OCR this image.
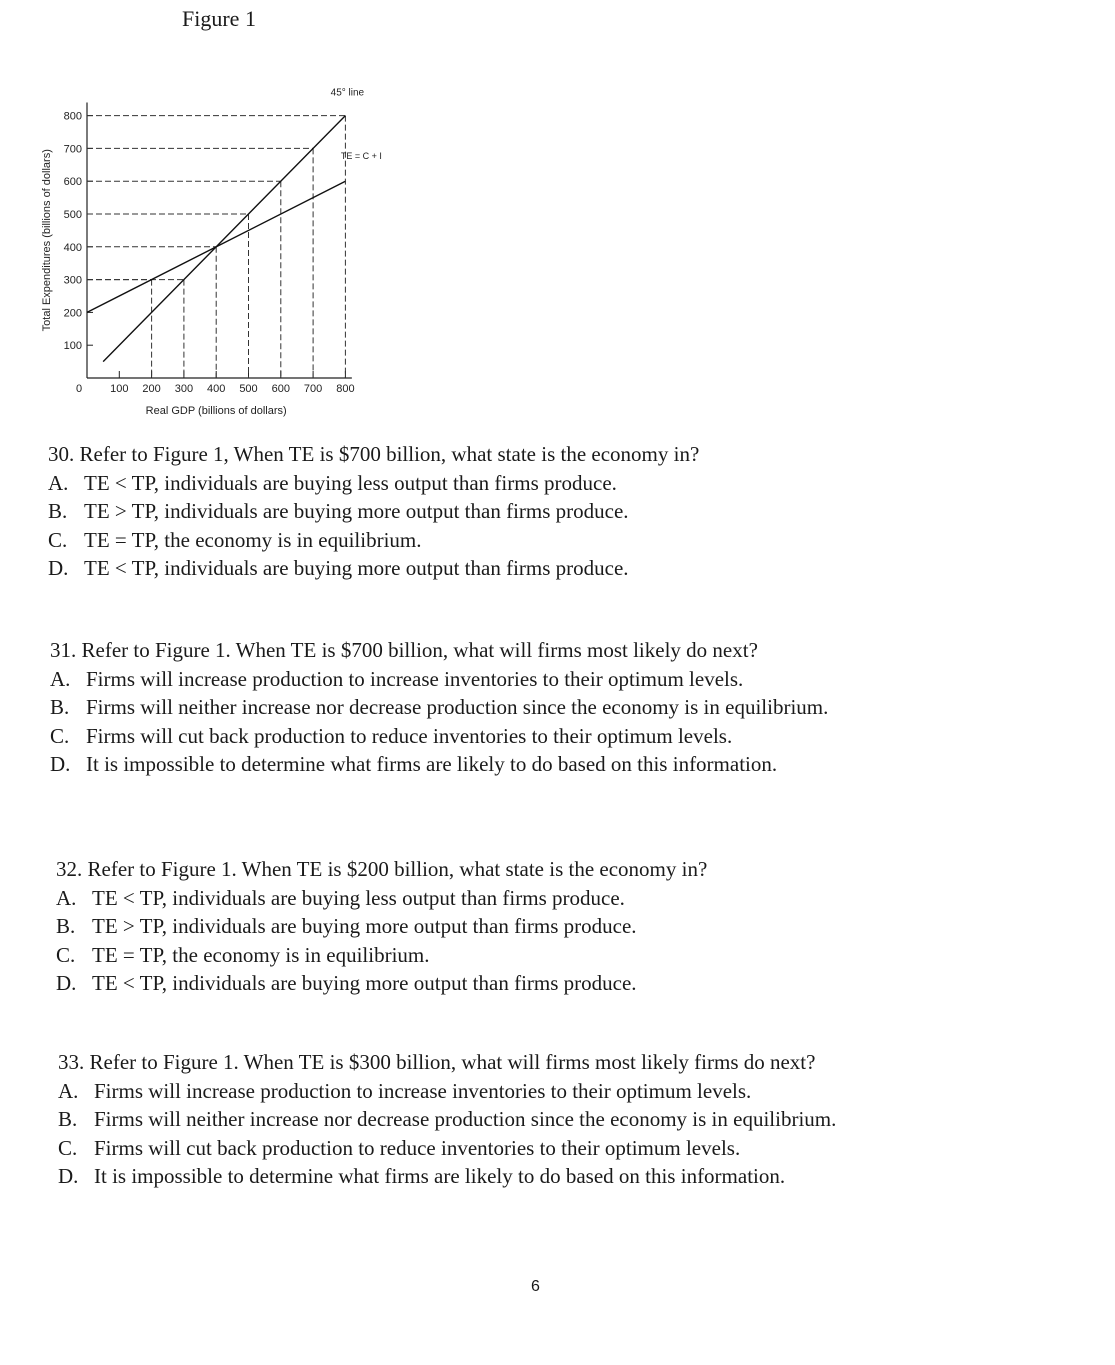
Figure 1
100
200
300
400
500
600
700
800
0	100 200 300 400 500 600 700 800
45° line
TE = C + I
Real GDP (billions of dollars)
Total Expenditures (billions of dollars)

30. Refer to Figure 1, When TE is $700 billion, what state is the economy in?

A. TE < TP, individuals are buying less output than firms produce.
B. TE > TP, individuals are buying more output than firms produce.
C. TE = TP, the economy is in equilibrium.
D. TE < TP, individuals are buying more output than firms produce.

31. Refer to Figure 1. When TE is $700 billion, what will firms most likely do next?

A. Firms will increase production to increase inventories to their optimum levels.
B. Firms will neither increase nor decrease production since the economy is in equilibrium.
C. Firms will cut back production to reduce inventories to their optimum levels.
D. It is impossible to determine what firms are likely to do based on this information.

32. Refer to Figure 1. When TE is $200 billion, what state is the economy in?

A. TE < TP, individuals are buying less output than firms produce.
B. TE > TP, individuals are buying more output than firms produce.
C. TE = TP, the economy is in equilibrium.
D. TE < TP, individuals are buying more output than firms produce.

33. Refer to Figure 1. When TE is $300 billion, what will firms most likely firms do next?

A. Firms will increase production to increase inventories to their optimum levels.
B. Firms will neither increase nor decrease production since the economy is in equilibrium.
C. Firms will cut back production to reduce inventories to their optimum levels.
D. It is impossible to determine what firms are likely to do based on this information.
6
